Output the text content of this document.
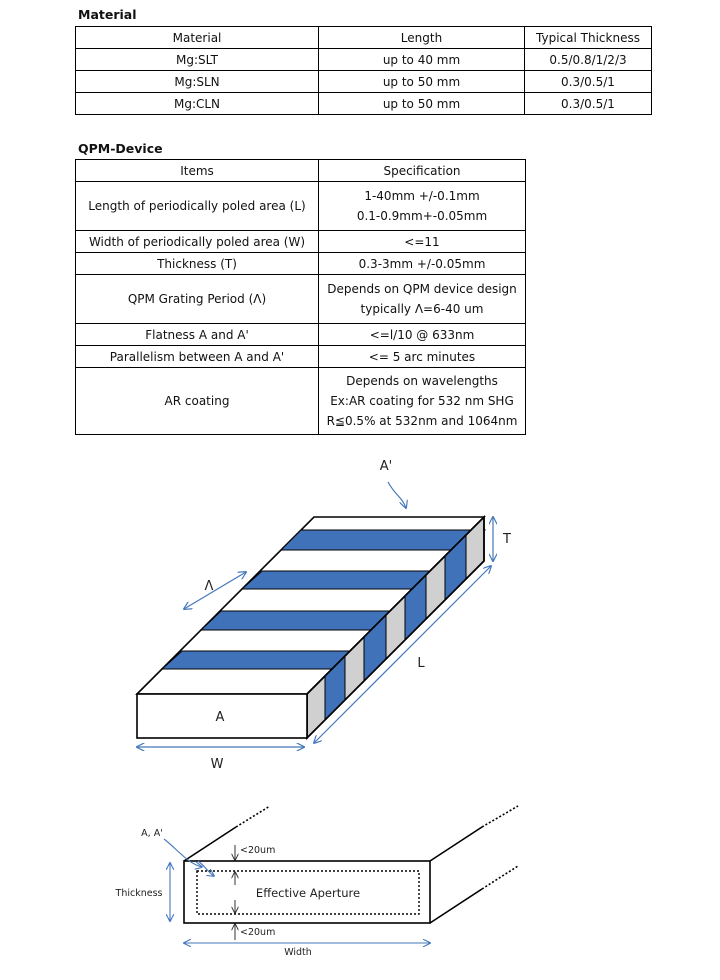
Material
Material	Length	Typical Thickness
Mg:SLT	up to 40 mm	0.5/0.8/1/2/3
Mg:SLN	up to 50 mm	0.3/0.5/1
Mg:CLN	up to 50 mm	0.3/0.5/1
QPM-Device
Items	Specification
Length of periodically poled area (L)	1-40mm +/-0.1mm
0.1-0.9mm+-0.05mm

Width of periodically poled area (W)	<=11
Thickness (T)	0.3-3mm +/-0.05mm
QPM Grating Period (Λ)	Depends on QPM device design
typically Λ=6-40 um

Flatness A and A'	<=l/10 @ 633nm
Parallelism between A and A'	<= 5 arc minutes
AR coating	Depends on wavelengths
Ex:AR coating for 532 nm SHG
R≦0.5% at 532nm and 1064nm
A
A'
T
Λ
L
W
Effective Aperture
A, A'
<20um
<20um
Thickness
Width
